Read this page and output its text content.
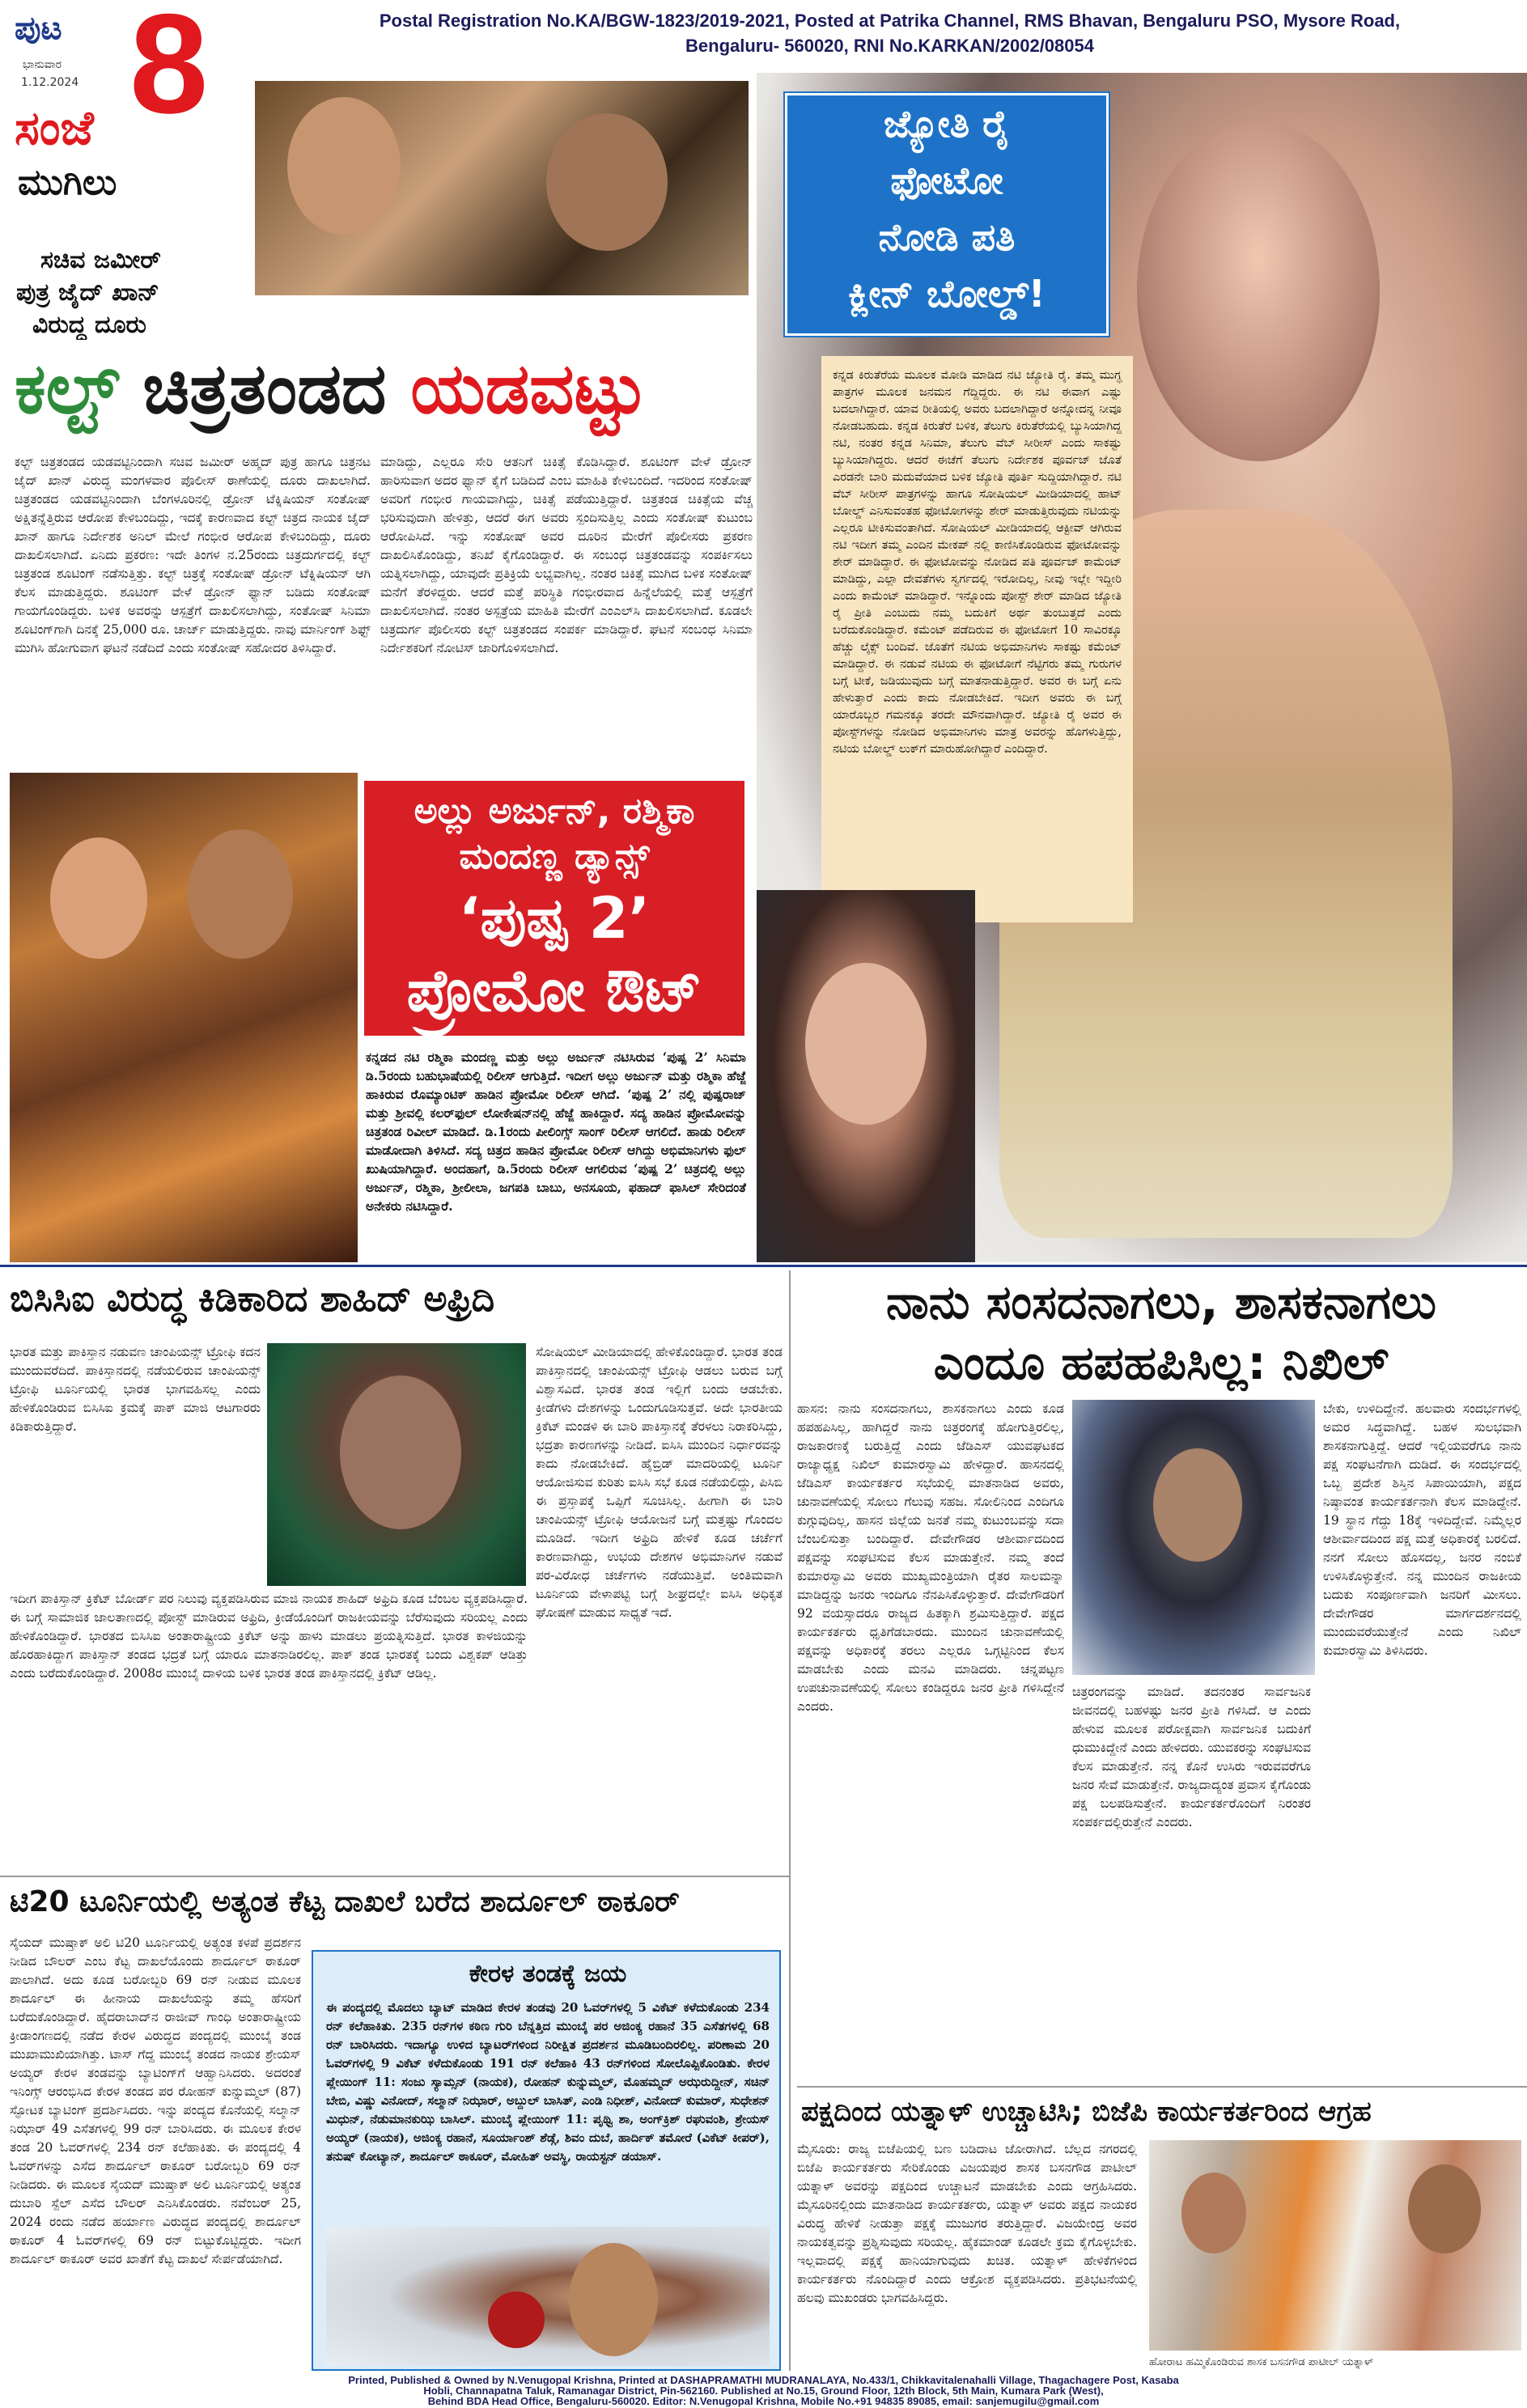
ಪುಟ
ಭಾನುವಾರ
1.12.2024 8
ಸಂಜೆ
ಮುಗಿಲು
Postal Registration No.KA/BGW-1823/2019-2021, Posted at Patrika Channel, RMS Bhavan, Bengaluru PSO, Mysore Road,
Bengaluru- 560020, RNI No.KARKAN/2002/08054
ಸಚಿವ ಜಮೀರ್
ಪುತ್ರ ಜೈದ್ ಖಾನ್
ವಿರುದ್ಧ ದೂರು
ಕಲ್ಟ್ ಚಿತ್ರತಂಡದ ಯಡವಟ್ಟು
ಕಲ್ಟ್ ಚಿತ್ರತಂಡದ ಯಡವಟ್ಟಿನಿಂದಾಗಿ ಸಚಿವ ಜಮೀರ್ ಅಹ್ಮದ್ ಪುತ್ರ ಹಾಗೂ ಚಿತ್ರನಟ ಜೈದ್ ಖಾನ್ ವಿರುದ್ಧ ಮಂಗಳವಾರ ಪೊಲೀಸ್ ಠಾಣೆಯಲ್ಲಿ ದೂರು ದಾಖಲಾಗಿದೆ. ಚಿತ್ರತಂಡದ ಯಡವಟ್ಟಿನಿಂದಾಗಿ ಬೆಂಗಳೂರಿನಲ್ಲಿ ಡ್ರೋನ್ ಟೆಕ್ನಿಷಿಯನ್ ಸಂತೋಷ್ ಅಕ್ಷಿತನ್ನೆತ್ತಿರುವ ಆರೋಪ ಕೇಳಿಬಂದಿದ್ದು, ಇದಕ್ಕೆ ಕಾರಣವಾದ ಕಲ್ಟ್ ಚಿತ್ರದ ನಾಯಕ ಜೈದ್ ಖಾನ್ ಹಾಗೂ ನಿರ್ದೇಶಕ ಅನಿಲ್ ಮೇಲೆ ಗಂಭೀರ ಆರೋಪ ಕೇಳಿಬಂದಿದ್ದು, ದೂರು ದಾಖಲಿಸಲಾಗಿದೆ. ಏನಿದು ಪ್ರಕರಣ: ಇದೇ ತಿಂಗಳ ನ.25ರಂದು ಚಿತ್ರದುರ್ಗದಲ್ಲಿ ಕಲ್ಟ್ ಚಿತ್ರತಂಡ ಶೂಟಿಂಗ್ ನಡೆಸುತ್ತಿತ್ತು. ಕಲ್ಟ್ ಚಿತ್ರಕ್ಕೆ ಸಂತೋಷ್ ಡ್ರೋನ್ ಟೆಕ್ನಿಷಿಯನ್ ಆಗಿ ಕೆಲಸ ಮಾಡುತ್ತಿದ್ದರು. ಶೂಟಿಂಗ್ ವೇಳೆ ಡ್ರೋನ್ ಫ್ಯಾನ್ ಬಡಿದು ಸಂತೋಷ್ ಗಾಯಗೊಂಡಿದ್ದರು. ಬಳಿಕ ಅವರನ್ನು ಆಸ್ಪತ್ರೆಗೆ ದಾಖಲಿಸಲಾಗಿದ್ದು, ಸಂತೋಷ್ ಸಿನಿಮಾ ಶೂಟಿಂಗ್‌ಗಾಗಿ ದಿನಕ್ಕೆ 25,000 ರೂ. ಚಾರ್ಜ್ ಮಾಡುತ್ತಿದ್ದರು. ನಾವು ಮಾರ್ನಿಂಗ್ ಶಿಫ್ಟ್ ಮುಗಿಸಿ ಹೋಗುವಾಗ ಘಟನೆ ನಡೆದಿದೆ ಎಂದು ಸಂತೋಷ್ ಸಹೋದರ ತಿಳಿಸಿದ್ದಾರೆ.
ಮಾಡಿದ್ದು, ಎಲ್ಲರೂ ಸೇರಿ ಆತನಿಗೆ ಚಿಕಿತ್ಸೆ ಕೊಡಿಸಿದ್ದಾರೆ. ಶೂಟಿಂಗ್ ವೇಳೆ ಡ್ರೋನ್ ಹಾರಿಸುವಾಗ ಅದರ ಫ್ಯಾನ್ ಕೈಗೆ ಬಡಿದಿದೆ ಎಂಬ ಮಾಹಿತಿ ಕೇಳಿಬಂದಿದೆ. ಇದರಿಂದ ಸಂತೋಷ್ ಅವರಿಗೆ ಗಂಭೀರ ಗಾಯವಾಗಿದ್ದು, ಚಿಕಿತ್ಸೆ ಪಡೆಯುತ್ತಿದ್ದಾರೆ. ಚಿತ್ರತಂಡ ಚಿಕಿತ್ಸೆಯ ವೆಚ್ಚ ಭರಿಸುವುದಾಗಿ ಹೇಳಿತ್ತು, ಆದರೆ ಈಗ ಅವರು ಸ್ಪಂದಿಸುತ್ತಿಲ್ಲ ಎಂದು ಸಂತೋಷ್ ಕುಟುಂಬ ಆರೋಪಿಸಿದೆ. ಇನ್ನು ಸಂತೋಷ್ ಅವರ ದೂರಿನ ಮೇರೆಗೆ ಪೊಲೀಸರು ಪ್ರಕರಣ ದಾಖಲಿಸಿಕೊಂಡಿದ್ದು, ತನಿಖೆ ಕೈಗೊಂಡಿದ್ದಾರೆ. ಈ ಸಂಬಂಧ ಚಿತ್ರತಂಡವನ್ನು ಸಂಪರ್ಕಿಸಲು ಯತ್ನಿಸಲಾಗಿದ್ದು, ಯಾವುದೇ ಪ್ರತಿಕ್ರಿಯೆ ಲಭ್ಯವಾಗಿಲ್ಲ. ನಂತರ ಚಿಕಿತ್ಸೆ ಮುಗಿದ ಬಳಿಕ ಸಂತೋಷ್ ಮನೆಗೆ ತೆರಳಿದ್ದರು. ಆದರೆ ಮತ್ತೆ ಪರಿಸ್ಥಿತಿ ಗಂಭೀರವಾದ ಹಿನ್ನೆಲೆಯಲ್ಲಿ ಮತ್ತೆ ಆಸ್ಪತ್ರೆಗೆ ದಾಖಲಿಸಲಾಗಿದೆ. ನಂತರ ಅಸ್ಪತ್ರೆಯ ಮಾಹಿತಿ ಮೇರೆಗೆ ಎಂಎಲ್‌ಸಿ ದಾಖಲಿಸಲಾಗಿದೆ. ಕೂಡಲೇ ಚಿತ್ರದುರ್ಗ ಪೊಲೀಸರು ಕಲ್ಟ್ ಚಿತ್ರತಂಡದ ಸಂಪರ್ಕ ಮಾಡಿದ್ದಾರೆ. ಘಟನೆ ಸಂಬಂಧ ಸಿನಿಮಾ ನಿರ್ದೇಶಕರಿಗೆ ನೋಟಿಸ್ ಜಾರಿಗೊಳಿಸಲಾಗಿದೆ.
ಜ್ಯೋತಿ ರೈ
ಫೋಟೋ
ನೋಡಿ ಪತಿ
ಕ್ಲೀನ್ ಬೋಲ್ಡ್!
ಕನ್ನಡ ಕಿರುತೆರೆಯ ಮೂಲಕ ಮೋಡಿ ಮಾಡಿದ ನಟಿ ಜ್ಯೋತಿ ರೈ. ತಮ್ಮ ಮುಗ್ಧ ಪಾತ್ರಗಳ ಮೂಲಕ ಜನಮನ ಗೆದ್ದಿದ್ದರು. ಈ ನಟಿ ಈವಾಗ ಎಷ್ಟು ಬದಲಾಗಿದ್ದಾರೆ. ಯಾವ ರೀತಿಯಲ್ಲಿ ಅವರು ಬದಲಾಗಿದ್ದಾರೆ ಅನ್ನೋದನ್ನ ನೀವೂ ನೋಡಬಹುದು. ಕನ್ನಡ ಕಿರುತೆರೆ ಬಳಿಕ, ತೆಲುಗು ಕಿರುತೆರೆಯಲ್ಲಿ ಬ್ಯುಸಿಯಾಗಿದ್ದ ನಟಿ, ನಂತರ ಕನ್ನಡ ಸಿನಿಮಾ, ತೆಲುಗು ವೆಬ್ ಸೀರೀಸ್ ಎಂದು ಸಾಕಷ್ಟು ಬ್ಯುಸಿಯಾಗಿದ್ದರು. ಆದರೆ ಈಚೆಗೆ ತೆಲುಗು ನಿರ್ದೇಶಕ ಪೂರ್ವಜ್ ಜೊತೆ ಎರಡನೇ ಬಾರಿ ಮದುವೆಯಾದ ಬಳಿಕ ಜ್ಯೋತಿ ಪೂರ್ತಿ ಸುದ್ದಿಯಾಗಿದ್ದಾರೆ. ನಟಿ ವೆಬ್ ಸೀರೀಸ್ ಪಾತ್ರಗಳನ್ನು ಹಾಗೂ ಸೋಷಿಯಲ್ ಮೀಡಿಯಾದಲ್ಲಿ ಹಾಟ್ ಬೋಲ್ಡ್ ಎನಿಸುವಂತಹ ಫೋಟೋಗಳನ್ನು ಶೇರ್ ಮಾಡುತ್ತಿರುವುದು ನಟಿಯನ್ನು ಎಲ್ಲರೂ ಟೀಕಿಸುವಂತಾಗಿದೆ. ಸೋಷಿಯಲ್ ಮೀಡಿಯಾದಲ್ಲಿ ಆಕ್ಟೀವ್ ಆಗಿರುವ ನಟಿ ಇದೀಗ ತಮ್ಮ ಎಂದಿನ ಮೇಕಪ್ ನಲ್ಲಿ ಕಾಣಿಸಿಕೊಂಡಿರುವ ಫೋಟೋವನ್ನು ಶೇರ್ ಮಾಡಿದ್ದಾರೆ. ಈ ಫೋಟೋವನ್ನು ನೋಡಿದ ಪತಿ ಪೂರ್ವಜ್ ಕಾಮೆಂಟ್ ಮಾಡಿದ್ದು, ಎಲ್ಲಾ ದೇವತೆಗಳು ಸ್ವರ್ಗದಲ್ಲಿ ಇರೋದಿಲ್ಲ, ನೀವು ಇಲ್ಲೇ ಇದ್ದೀರಿ ಎಂದು ಕಾಮೆಂಟ್ ಮಾಡಿದ್ದಾರೆ. ಇನ್ನೊಂದು ಪೋಸ್ಟ್ ಶೇರ್ ಮಾಡಿದ ಜ್ಯೋತಿ ರೈ ಪ್ರೀತಿ ಎಂಬುದು ನಮ್ಮ ಬದುಕಿಗೆ ಅರ್ಥ ತುಂಬುತ್ತದೆ ಎಂದು ಬರೆದುಕೊಂಡಿದ್ದಾರೆ. ಕಮೆಂಟ್ ಪಡೆದಿರುವ ಈ ಫೋಟೋಗೆ 10 ಸಾವಿರಕ್ಕೂ ಹೆಚ್ಚು ಲೈಕ್ಸ್ ಬಂದಿವೆ. ಜೊತೆಗೆ ನಟಿಯ ಅಭಿಮಾನಿಗಳು ಸಾಕಷ್ಟು ಕಮೆಂಟ್ ಮಾಡಿದ್ದಾರೆ. ಈ ನಡುವೆ ನಟಿಯ ಈ ಫೋಟೋಗೆ ನೆಟ್ಟಿಗರು ತಮ್ಮ ಗುರುಗಳ ಬಗ್ಗೆ ಟೀಕೆ, ಜಡಿಯುವುದು ಬಗ್ಗೆ ಮಾತನಾಡುತ್ತಿದ್ದಾರೆ. ಅವರ ಈ ಬಗ್ಗೆ ಏನು ಹೇಳುತ್ತಾರೆ ಎಂದು ಕಾದು ನೋಡಬೇಕಿದೆ. ಇದೀಗ ಅವರು ಈ ಬಗ್ಗೆ ಯಾರೊಬ್ಬರ ಗಮನಕ್ಕೂ ತರದೇ ಮೌನವಾಗಿದ್ದಾರೆ. ಜ್ಯೋತಿ ರೈ ಅವರ ಈ ಪೋಸ್ಟ್‌ಗಳನ್ನು ನೋಡಿದ ಅಭಿಮಾನಿಗಳು ಮಾತ್ರ ಅವರನ್ನು ಹೊಗಳುತ್ತಿದ್ದು, ನಟಿಯ ಬೋಲ್ಡ್ ಲುಕ್‌ಗೆ ಮಾರುಹೋಗಿದ್ದಾರೆ ಎಂದಿದ್ದಾರೆ.
ಅಲ್ಲು ಅರ್ಜುನ್, ರಶ್ಮಿಕಾ
ಮಂದಣ್ಣ ಡ್ಯಾನ್ಸ್
‘ಪುಷ್ಪ 2’
ಪ್ರೋಮೋ ಔಟ್
ಕನ್ನಡದ ನಟಿ ರಶ್ಮಿಕಾ ಮಂದಣ್ಣ ಮತ್ತು ಅಲ್ಲು ಅರ್ಜುನ್ ನಟಿಸಿರುವ ‘ಪುಷ್ಪ 2’ ಸಿನಿಮಾ ಡಿ.5ರಂದು ಬಹುಭಾಷೆಯಲ್ಲಿ ರಿಲೀಸ್ ಆಗುತ್ತಿದೆ. ಇದೀಗ ಅಲ್ಲು ಅರ್ಜುನ್ ಮತ್ತು ರಶ್ಮಿಕಾ ಹೆಜ್ಜೆ ಹಾಕಿರುವ ರೊಮ್ಯಾಂಟಿಕ್ ಹಾಡಿನ ಪ್ರೋಮೋ ರಿಲೀಸ್ ಆಗಿದೆ. ‘ಪುಷ್ಪ 2’ ನಲ್ಲಿ ಪುಷ್ಪರಾಜ್ ಮತ್ತು ಶ್ರೀವಲ್ಲಿ ಕಲರ್‌ಫುಲ್ ಲೋಕೇಷನ್‌ನಲ್ಲಿ ಹೆಜ್ಜೆ ಹಾಕಿದ್ದಾರೆ. ಸದ್ಯ ಹಾಡಿನ ಪ್ರೋಮೋವನ್ನು ಚಿತ್ರತಂಡ ರಿವೀಲ್ ಮಾಡಿದೆ. ಡಿ.1ರಂದು ಪೀಲಿಂಗ್ಸ್ ಸಾಂಗ್ ರಿಲೀಸ್ ಆಗಲಿದೆ. ಹಾಡು ರಿಲೀಸ್ ಮಾಡೋದಾಗಿ ತಿಳಿಸಿದೆ. ಸದ್ಯ ಚಿತ್ರದ ಹಾಡಿನ ಪ್ರೋಮೋ ರಿಲೀಸ್ ಆಗಿದ್ದು ಅಭಿಮಾನಿಗಳು ಫುಲ್ ಖುಷಿಯಾಗಿದ್ದಾರೆ. ಅಂದಹಾಗೆ, ಡಿ.5ರಂದು ರಿಲೀಸ್ ಆಗಲಿರುವ ‘ಪುಷ್ಪ 2’ ಚಿತ್ರದಲ್ಲಿ ಅಲ್ಲು ಅರ್ಜುನ್, ರಶ್ಮಿಕಾ, ಶ್ರೀಲೀಲಾ, ಜಗಪತಿ ಬಾಬು, ಅನಸೂಯ, ಫಹಾದ್ ಫಾಸಿಲ್ ಸೇರಿದಂತೆ ಅನೇಕರು ನಟಿಸಿದ್ದಾರೆ.
ಬಿಸಿಸಿಐ ವಿರುದ್ಧ ಕಿಡಿಕಾರಿದ ಶಾಹಿದ್ ಅಫ್ರಿದಿ
ಭಾರತ ಮತ್ತು ಪಾಕಿಸ್ತಾನ ನಡುವಣ ಚಾಂಪಿಯನ್ಸ್ ಟ್ರೋಫಿ ಕದನ ಮುಂದುವರೆದಿದೆ. ಪಾಕಿಸ್ತಾನದಲ್ಲಿ ನಡೆಯಲಿರುವ ಚಾಂಪಿಯನ್ಸ್ ಟ್ರೋಫಿ ಟೂರ್ನಿಯಲ್ಲಿ ಭಾರತ ಭಾಗವಹಿಸಲ್ಲ ಎಂದು ಹೇಳಿಕೊಂಡಿರುವ ಬಿಸಿಸಿಐ ಕ್ರಮಕ್ಕೆ ಪಾಕ್ ಮಾಜಿ ಆಟಗಾರರು ಕಿಡಿಕಾರುತ್ತಿದ್ದಾರೆ.
ಇದೀಗ ಪಾಕಿಸ್ತಾನ್ ಕ್ರಿಕೆಟ್ ಬೋರ್ಡ್ ಪರ ನಿಲುವು ವ್ಯಕ್ತಪಡಿಸಿರುವ ಮಾಜಿ ನಾಯಕ ಶಾಹಿದ್ ಅಫ್ರಿದಿ ಕೂಡ ಬೆಂಬಲ ವ್ಯಕ್ತಪಡಿಸಿದ್ದಾರೆ. ಈ ಬಗ್ಗೆ ಸಾಮಾಜಿಕ ಜಾಲತಾಣದಲ್ಲಿ ಪೋಸ್ಟ್ ಮಾಡಿರುವ ಅಫ್ರಿದಿ, ಕ್ರೀಡೆಯೊಂದಿಗೆ ರಾಜಕೀಯವನ್ನು ಬೆರೆಸುವುದು ಸರಿಯಲ್ಲ ಎಂದು ಹೇಳಿಕೊಂಡಿದ್ದಾರೆ. ಭಾರತದ ಬಿಸಿಸಿಐ ಅಂತಾರಾಷ್ಟ್ರೀಯ ಕ್ರಿಕೆಟ್ ಅನ್ನು ಹಾಳು ಮಾಡಲು ಪ್ರಯತ್ನಿಸುತ್ತಿದೆ. ಭಾರತ ಕಾಳಜಿಯನ್ನು ಹೊರಹಾಕಿದ್ದಾಗ ಪಾಕಿಸ್ತಾನ್ ತಂಡದ ಭದ್ರತೆ ಬಗ್ಗೆ ಯಾರೂ ಮಾತನಾಡಿರಲಿಲ್ಲ. ಪಾಕ್ ತಂಡ ಭಾರತಕ್ಕೆ ಬಂದು ವಿಶ್ವಕಪ್ ಆಡಿತ್ತು ಎಂದು ಬರೆದುಕೊಂಡಿದ್ದಾರೆ. 2008ರ ಮುಂಬೈ ದಾಳಿಯ ಬಳಿಕ ಭಾರತ ತಂಡ ಪಾಕಿಸ್ತಾನದಲ್ಲಿ ಕ್ರಿಕೆಟ್ ಆಡಿಲ್ಲ.
ಸೋಷಿಯಲ್ ಮೀಡಿಯಾದಲ್ಲಿ ಹೇಳಿಕೊಂಡಿದ್ದಾರೆ. ಭಾರತ ತಂಡ ಪಾಕಿಸ್ತಾನದಲ್ಲಿ ಚಾಂಪಿಯನ್ಸ್ ಟ್ರೋಫಿ ಆಡಲು ಬರುವ ಬಗ್ಗೆ ವಿಶ್ವಾಸವಿದೆ. ಭಾರತ ತಂಡ ಇಲ್ಲಿಗೆ ಬಂದು ಆಡಬೇಕು. ಕ್ರೀಡೆಗಳು ದೇಶಗಳನ್ನು ಒಂದುಗೂಡಿಸುತ್ತವೆ. ಅದೇ ಭಾರತೀಯ ಕ್ರಿಕೆಟ್ ಮಂಡಳಿ ಈ ಬಾರಿ ಪಾಕಿಸ್ತಾನಕ್ಕೆ ತೆರಳಲು ನಿರಾಕರಿಸಿದ್ದು, ಭದ್ರತಾ ಕಾರಣಗಳನ್ನು ನೀಡಿದೆ. ಐಸಿಸಿ ಮುಂದಿನ ನಿರ್ಧಾರವನ್ನು ಕಾದು ನೋಡಬೇಕಿದೆ. ಹೈಬ್ರಿಡ್ ಮಾದರಿಯಲ್ಲಿ ಟೂರ್ನಿ ಆಯೋಜಿಸುವ ಕುರಿತು ಐಸಿಸಿ ಸಭೆ ಕೂಡ ನಡೆಯಲಿದ್ದು, ಪಿಸಿಬಿ ಈ ಪ್ರಸ್ತಾಪಕ್ಕೆ ಒಪ್ಪಿಗೆ ಸೂಚಿಸಿಲ್ಲ. ಹೀಗಾಗಿ ಈ ಬಾರಿ ಚಾಂಪಿಯನ್ಸ್ ಟ್ರೋಫಿ ಆಯೋಜನೆ ಬಗ್ಗೆ ಮತ್ತಷ್ಟು ಗೊಂದಲ ಮೂಡಿದೆ. ಇದೀಗ ಅಫ್ರಿದಿ ಹೇಳಿಕೆ ಕೂಡ ಚರ್ಚೆಗೆ ಕಾರಣವಾಗಿದ್ದು, ಉಭಯ ದೇಶಗಳ ಅಭಿಮಾನಿಗಳ ನಡುವೆ ಪರ-ವಿರೋಧ ಚರ್ಚೆಗಳು ನಡೆಯುತ್ತಿವೆ. ಅಂತಿಮವಾಗಿ ಟೂರ್ನಿಯ ವೇಳಾಪಟ್ಟಿ ಬಗ್ಗೆ ಶೀಘ್ರದಲ್ಲೇ ಐಸಿಸಿ ಅಧಿಕೃತ ಘೋಷಣೆ ಮಾಡುವ ಸಾಧ್ಯತೆ ಇದೆ.
ಟಿ20 ಟೂರ್ನಿಯಲ್ಲಿ ಅತ್ಯಂತ ಕೆಟ್ಟ ದಾಖಲೆ ಬರೆದ ಶಾರ್ದೂಲ್ ಠಾಕೂರ್
ಸೈಯದ್ ಮುಷ್ತಾಕ್ ಅಲಿ ಟಿ20 ಟೂರ್ನಿಯಲ್ಲಿ ಅತ್ಯಂತ ಕಳಪೆ ಪ್ರದರ್ಶನ ನೀಡಿದ ಬೌಲರ್ ಎಂಬ ಕೆಟ್ಟ ದಾಖಲೆಯೊಂದು ಶಾರ್ದೂಲ್ ಠಾಕೂರ್ ಪಾಲಾಗಿದೆ. ಅದು ಕೂಡ ಬರೋಬ್ಬರಿ 69 ರನ್ ನೀಡುವ ಮೂಲಕ ಶಾರ್ದೂಲ್ ಈ ಹೀನಾಯ ದಾಖಲೆಯನ್ನು ತಮ್ಮ ಹೆಸರಿಗೆ ಬರೆದುಕೊಂಡಿದ್ದಾರೆ. ಹೈದರಾಬಾದ್‌ನ ರಾಜೀವ್ ಗಾಂಧಿ ಅಂತಾರಾಷ್ಟ್ರೀಯ ಕ್ರೀಡಾಂಗಣದಲ್ಲಿ ನಡೆದ ಕೇರಳ ವಿರುದ್ಧದ ಪಂದ್ಯದಲ್ಲಿ ಮುಂಬೈ ತಂಡ ಮುಖಾಮುಖಿಯಾಗಿತ್ತು. ಟಾಸ್ ಗೆದ್ದ ಮುಂಬೈ ತಂಡದ ನಾಯಕ ಶ್ರೇಯಸ್ ಅಯ್ಯರ್ ಕೇರಳ ತಂಡವನ್ನು ಬ್ಯಾಟಿಂಗ್‌ಗೆ ಆಹ್ವಾನಿಸಿದರು. ಅದರಂತೆ ಇನಿಂಗ್ಸ್ ಆರಂಭಿಸಿದ ಕೇರಳ ತಂಡದ ಪರ ರೋಹನ್ ಕುನ್ನುಮ್ಮಲ್ (87) ಸ್ಫೋಟಕ ಬ್ಯಾಟಿಂಗ್ ಪ್ರದರ್ಶಿಸಿದರು. ಇನ್ನು ಪಂದ್ಯದ ಕೊನೆಯಲ್ಲಿ ಸಲ್ಮಾನ್ ನಿಝಾರ್ 49 ಎಸೆತಗಳಲ್ಲಿ 99 ರನ್ ಬಾರಿಸಿದರು. ಈ ಮೂಲಕ ಕೇರಳ ತಂಡ 20 ಓವರ್‌ಗಳಲ್ಲಿ 234 ರನ್ ಕಲೆಹಾಕಿತು. ಈ ಪಂದ್ಯದಲ್ಲಿ 4 ಓವರ್‌ಗಳನ್ನು ಎಸೆದ ಶಾರ್ದೂಲ್ ಠಾಕೂರ್ ಬರೋಬ್ಬರಿ 69 ರನ್ ನೀಡಿದರು. ಈ ಮೂಲಕ ಸೈಯದ್ ಮುಷ್ತಾಕ್ ಅಲಿ ಟೂರ್ನಿಯಲ್ಲಿ ಅತ್ಯಂತ ದುಬಾರಿ ಸ್ಪೆಲ್ ಎಸೆದ ಬೌಲರ್ ಎನಿಸಿಕೊಂಡರು. ನವೆಂಬರ್ 25, 2024 ರಂದು ನಡೆದ ಹರ್ಯಾಣ ವಿರುದ್ಧದ ಪಂದ್ಯದಲ್ಲಿ ಶಾರ್ದೂಲ್ ಠಾಕೂರ್ 4 ಓವರ್‌ಗಳಲ್ಲಿ 69 ರನ್ ಬಿಟ್ಟುಕೊಟ್ಟಿದ್ದರು. ಇದೀಗ ಶಾರ್ದೂಲ್ ಠಾಕೂರ್ ಅವರ ಖಾತೆಗೆ ಕೆಟ್ಟ ದಾಖಲೆ ಸೇರ್ಪಡೆಯಾಗಿದೆ.
ಕೇರಳ ತಂಡಕ್ಕೆ ಜಯ
ಈ ಪಂದ್ಯದಲ್ಲಿ ಮೊದಲು ಬ್ಯಾಟ್ ಮಾಡಿದ ಕೇರಳ ತಂಡವು 20 ಓವರ್‌ಗಳಲ್ಲಿ 5 ವಿಕೆಟ್ ಕಳೆದುಕೊಂಡು 234 ರನ್ ಕಲೆಹಾಕಿತು. 235 ರನ್‌ಗಳ ಕಠಿಣ ಗುರಿ ಬೆನ್ನತ್ತಿದ ಮುಂಬೈ ಪರ ಅಜಿಂಕ್ಯ ರಹಾನೆ 35 ಎಸೆತಗಳಲ್ಲಿ 68 ರನ್ ಬಾರಿಸಿದರು. ಇದಾಗ್ಯೂ ಉಳಿದ ಬ್ಯಾಟರ್‌ಗಳಿಂದ ನಿರೀಕ್ಷಿತ ಪ್ರದರ್ಶನ ಮೂಡಿಬಂದಿರಲಿಲ್ಲ. ಪರಿಣಾಮ 20 ಓವರ್‌ಗಳಲ್ಲಿ 9 ವಿಕೆಟ್ ಕಳೆದುಕೊಂಡು 191 ರನ್ ಕಲೆಹಾಕಿ 43 ರನ್‌ಗಳಿಂದ ಸೋಲೊಪ್ಪಿಕೊಂಡಿತು. ಕೇರಳ ಪ್ಲೇಯಿಂಗ್ 11: ಸಂಜು ಸ್ಯಾಮ್ಸನ್ (ನಾಯಕ), ರೋಹನ್ ಕುನ್ನುಮ್ಮಲ್, ಮೊಹಮ್ಮದ್ ಅಝರುದ್ದೀನ್, ಸಚಿನ್ ಬೇಬಿ, ವಿಷ್ಣು ವಿನೋದ್, ಸಲ್ಮಾನ್ ನಿಝಾರ್, ಅಬ್ದುಲ್ ಬಾಸಿತ್, ಎಂಡಿ ನಿಧೀಶ್, ವಿನೋದ್ ಕುಮಾರ್, ಸುಧೇಶನ್ ಮಿಧುನ್, ನೆಡುಮಾನಕುಝಿ ಬಾಸಿಲ್. ಮುಂಬೈ ಪ್ಲೇಯಿಂಗ್ 11: ಪೃಥ್ವಿ ಶಾ, ಅಂಗ್‌ಕ್ರಿಶ್ ರಘುವಂಶಿ, ಶ್ರೇಯಸ್ ಅಯ್ಯರ್ (ನಾಯಕ), ಅಜಿಂಕ್ಯ ರಹಾನೆ, ಸೂರ್ಯಾಂಶ್ ಶೆಡ್ಗೆ, ಶಿವಂ ದುಬೆ, ಹಾರ್ದಿಕ್ ತಮೋರೆ (ವಿಕೆಟ್ ಕೀಪರ್), ತನುಷ್ ಕೋಟ್ಯಾನ್, ಶಾರ್ದೂಲ್ ಠಾಕೂರ್, ಮೋಹಿತ್ ಅವಸ್ಥಿ, ರಾಯಸ್ಟನ್ ಡಯಾಸ್.
ನಾನು ಸಂಸದನಾಗಲು, ಶಾಸಕನಾಗಲು
ಎಂದೂ ಹಪಹಪಿಸಿಲ್ಲ: ನಿಖಿಲ್
ಹಾಸನ: ನಾನು ಸಂಸದನಾಗಲು, ಶಾಸಕನಾಗಲು ಎಂದು ಕೂಡ ಹಪಹಪಿಸಿಲ್ಲ, ಹಾಗಿದ್ದರೆ ನಾನು ಚಿತ್ರರಂಗಕ್ಕೆ ಹೋಗುತ್ತಿರಲಿಲ್ಲ, ರಾಜಕಾರಣಕ್ಕೆ ಬರುತ್ತಿದ್ದೆ ಎಂದು ಜೆಡಿಎಸ್ ಯುವಘಟಕದ ರಾಜ್ಯಾಧ್ಯಕ್ಷ ನಿಖಿಲ್ ಕುಮಾರಸ್ವಾಮಿ ಹೇಳಿದ್ದಾರೆ. ಹಾಸನದಲ್ಲಿ ಜೆಡಿಎಸ್ ಕಾರ್ಯಕರ್ತರ ಸಭೆಯಲ್ಲಿ ಮಾತನಾಡಿದ ಅವರು, ಚುನಾವಣೆಯಲ್ಲಿ ಸೋಲು ಗೆಲುವು ಸಹಜ. ಸೋಲಿನಿಂದ ಎಂದಿಗೂ ಕುಗ್ಗುವುದಿಲ್ಲ, ಹಾಸನ ಜಿಲ್ಲೆಯ ಜನತೆ ನಮ್ಮ ಕುಟುಂಬವನ್ನು ಸದಾ ಬೆಂಬಲಿಸುತ್ತಾ ಬಂದಿದ್ದಾರೆ. ದೇವೇಗೌಡರ ಆಶೀರ್ವಾದದಿಂದ ಪಕ್ಷವನ್ನು ಸಂಘಟಿಸುವ ಕೆಲಸ ಮಾಡುತ್ತೇನೆ. ನಮ್ಮ ತಂದೆ ಕುಮಾರಸ್ವಾಮಿ ಅವರು ಮುಖ್ಯಮಂತ್ರಿಯಾಗಿ ರೈತರ ಸಾಲಮನ್ನಾ ಮಾಡಿದ್ದನ್ನು ಜನರು ಇಂದಿಗೂ ನೆನಪಿಸಿಕೊಳ್ಳುತ್ತಾರೆ. ದೇವೇಗೌಡರಿಗೆ 92 ವಯಸ್ಸಾದರೂ ರಾಜ್ಯದ ಹಿತಕ್ಕಾಗಿ ಶ್ರಮಿಸುತ್ತಿದ್ದಾರೆ. ಪಕ್ಷದ ಕಾರ್ಯಕರ್ತರು ಧೃತಿಗೆಡಬಾರದು. ಮುಂದಿನ ಚುನಾವಣೆಯಲ್ಲಿ ಪಕ್ಷವನ್ನು ಅಧಿಕಾರಕ್ಕೆ ತರಲು ಎಲ್ಲರೂ ಒಗ್ಗಟ್ಟಿನಿಂದ ಕೆಲಸ ಮಾಡಬೇಕು ಎಂದು ಮನವಿ ಮಾಡಿದರು. ಚನ್ನಪಟ್ಟಣ ಉಪಚುನಾವಣೆಯಲ್ಲಿ ಸೋಲು ಕಂಡಿದ್ದರೂ ಜನರ ಪ್ರೀತಿ ಗಳಿಸಿದ್ದೇನೆ ಎಂದರು.
ಚಿತ್ರರಂಗವನ್ನು ಮಾಡಿದೆ. ತದನಂತರ ಸಾರ್ವಜನಿಕ ಜೀವನದಲ್ಲಿ ಬಹಳಷ್ಟು ಜನರ ಪ್ರೀತಿ ಗಳಿಸಿದೆ. ಆ ಎಂದು ಹೇಳುವ ಮೂಲಕ ಪರೋಕ್ಷವಾಗಿ ಸಾರ್ವಜನಿಕ ಬದುಕಿಗೆ ಧುಮುಕಿದ್ದೇನೆ ಎಂದು ಹೇಳಿದರು. ಯುವಕರನ್ನು ಸಂಘಟಿಸುವ ಕೆಲಸ ಮಾಡುತ್ತೇನೆ. ನನ್ನ ಕೊನೆ ಉಸಿರು ಇರುವವರೆಗೂ ಜನರ ಸೇವೆ ಮಾಡುತ್ತೇನೆ. ರಾಜ್ಯದಾದ್ಯಂತ ಪ್ರವಾಸ ಕೈಗೊಂಡು ಪಕ್ಷ ಬಲಪಡಿಸುತ್ತೇನೆ. ಕಾರ್ಯಕರ್ತರೊಂದಿಗೆ ನಿರಂತರ ಸಂಪರ್ಕದಲ್ಲಿರುತ್ತೇನೆ ಎಂದರು.
ಬೇಕು, ಉಳಿದಿದ್ದೇನೆ. ಹಲವಾರು ಸಂದರ್ಭಗಳಲ್ಲಿ ಅಮರ ಸಿದ್ಧವಾಗಿದ್ದೆ. ಬಹಳ ಸುಲಭವಾಗಿ ಶಾಸಕನಾಗುತ್ತಿದ್ದೆ. ಆದರೆ ಇಲ್ಲಿಯವರೆಗೂ ನಾನು ಪಕ್ಷ ಸಂಘಟನೆಗಾಗಿ ದುಡಿದೆ. ಈ ಸಂದರ್ಭದಲ್ಲಿ ಒಬ್ಬ ಪ್ರದೇಶ ಶಿಸ್ತಿನ ಸಿಪಾಯಿಯಾಗಿ, ಪಕ್ಷದ ನಿಷ್ಠಾವಂತ ಕಾರ್ಯಕರ್ತನಾಗಿ ಕೆಲಸ ಮಾಡಿದ್ದೇನೆ. 19 ಸ್ಥಾನ ಗೆದ್ದು 18ಕ್ಕೆ ಇಳಿದಿದ್ದೇವೆ. ನಿಮ್ಮೆಲ್ಲರ ಆಶೀರ್ವಾದದಿಂದ ಪಕ್ಷ ಮತ್ತೆ ಅಧಿಕಾರಕ್ಕೆ ಬರಲಿದೆ. ನನಗೆ ಸೋಲು ಹೊಸದಲ್ಲ, ಜನರ ನಂಬಿಕೆ ಉಳಿಸಿಕೊಳ್ಳುತ್ತೇನೆ. ನನ್ನ ಮುಂದಿನ ರಾಜಕೀಯ ಬದುಕು ಸಂಪೂರ್ಣವಾಗಿ ಜನರಿಗೆ ಮೀಸಲು. ದೇವೇಗೌಡರ ಮಾರ್ಗದರ್ಶನದಲ್ಲಿ ಮುಂದುವರೆಯುತ್ತೇನೆ ಎಂದು ನಿಖಿಲ್ ಕುಮಾರಸ್ವಾಮಿ ತಿಳಿಸಿದರು.
ಪಕ್ಷದಿಂದ ಯತ್ನಾಳ್ ಉಚ್ಚಾಟಿಸಿ; ಬಿಜೆಪಿ ಕಾರ್ಯಕರ್ತರಿಂದ ಆಗ್ರಹ
ಮೈಸೂರು: ರಾಜ್ಯ ಬಿಜೆಪಿಯಲ್ಲಿ ಬಣ ಬಡಿದಾಟ ಜೋರಾಗಿದೆ. ಬೆಲ್ಲದ ನಗರದಲ್ಲಿ ಬಿಜೆಪಿ ಕಾರ್ಯಕರ್ತರು ಸೇರಿಕೊಂಡು ವಿಜಯಪುರ ಶಾಸಕ ಬಸನಗೌಡ ಪಾಟೀಲ್ ಯತ್ನಾಳ್ ಅವರನ್ನು ಪಕ್ಷದಿಂದ ಉಚ್ಚಾಟನೆ ಮಾಡಬೇಕು ಎಂದು ಆಗ್ರಹಿಸಿದರು. ಮೈಸೂರಿನಲ್ಲಿಂದು ಮಾತನಾಡಿದ ಕಾರ್ಯಕರ್ತರು, ಯತ್ನಾಳ್ ಅವರು ಪಕ್ಷದ ನಾಯಕರ ವಿರುದ್ಧ ಹೇಳಿಕೆ ನೀಡುತ್ತಾ ಪಕ್ಷಕ್ಕೆ ಮುಜುಗರ ತರುತ್ತಿದ್ದಾರೆ. ವಿಜಯೇಂದ್ರ ಅವರ ನಾಯಕತ್ವವನ್ನು ಪ್ರಶ್ನಿಸುವುದು ಸರಿಯಲ್ಲ. ಹೈಕಮಾಂಡ್ ಕೂಡಲೇ ಕ್ರಮ ಕೈಗೊಳ್ಳಬೇಕು. ಇಲ್ಲವಾದಲ್ಲಿ ಪಕ್ಷಕ್ಕೆ ಹಾನಿಯಾಗುವುದು ಖಚಿತ. ಯತ್ನಾಳ್ ಹೇಳಿಕೆಗಳಿಂದ ಕಾರ್ಯಕರ್ತರು ನೊಂದಿದ್ದಾರೆ ಎಂದು ಆಕ್ರೋಶ ವ್ಯಕ್ತಪಡಿಸಿದರು. ಪ್ರತಿಭಟನೆಯಲ್ಲಿ ಹಲವು ಮುಖಂಡರು ಭಾಗವಹಿಸಿದ್ದರು.
ಹೋರಾಟ ಹಮ್ಮಿಕೊಂಡಿರುವ ಶಾಸಕ ಬಸನಗೌಡ ಪಾಟೀಲ್ ಯತ್ನಾಳ್
Printed, Published & Owned by N.Venugopal Krishna, Printed at DASHAPRAMATHI MUDRANALAYA, No.433/1, Chikkavitalenahalli Village, Thagachagere Post, Kasaba
Hobli, Channapatna Taluk, Ramanagar District, Pin-562160. Published at No.15, Ground Floor, 12th Block, 5th Main, Kumara Park (West),
Behind BDA Head Office, Bengaluru-560020. Editor: N.Venugopal Krishna, Mobile No.+91 94835 89085, email: sanjemugilu@gmail.com
